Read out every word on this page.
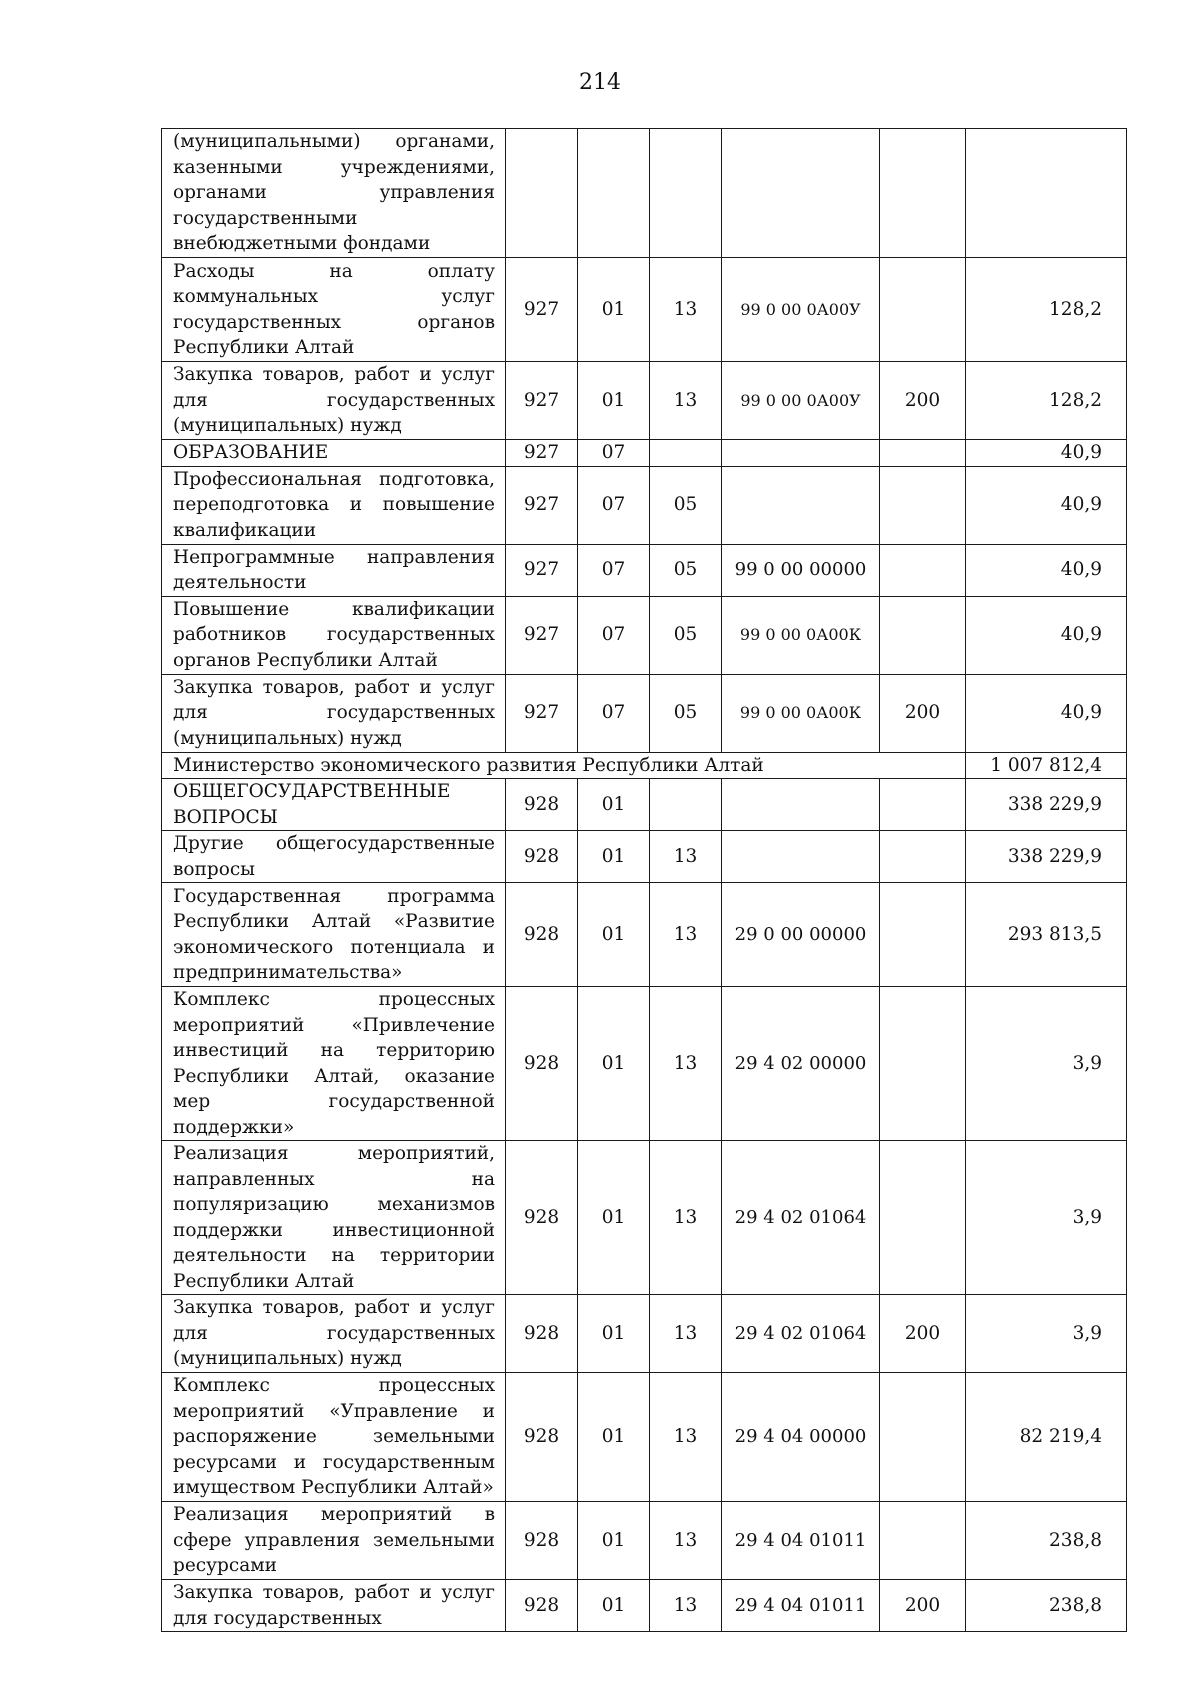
214
(муниципальными) органами, казенными учреждениями, органами управления государственными внебюджетными фондами						
Расходы на оплату коммунальных услуг государственных органов Республики Алтай	927	01	13	99 0 00 0А00У		128,2
Закупка товаров, работ и услуг для государственных (муниципальных) нужд	927	01	13	99 0 00 0А00У	200	128,2
ОБРАЗОВАНИЕ	927	07				40,9
Профессиональная подготовка, переподготовка и повышение квалификации	927	07	05			40,9
Непрограммные направления деятельности	927	07	05	99 0 00 00000		40,9
Повышение квалификации работников государственных органов Республики Алтай	927	07	05	99 0 00 0А00К		40,9
Закупка товаров, работ и услуг для государственных (муниципальных) нужд	927	07	05	99 0 00 0А00К	200	40,9
Министерство экономического развития Республики Алтай						1 007 812,4
ОБЩЕГОСУДАРСТВЕННЫЕ ВОПРОСЫ	928	01				338 229,9
Другие общегосударственные вопросы	928	01	13			338 229,9
Государственная программа Республики Алтай «Развитие экономического потенциала и предпринимательства»	928	01	13	29 0 00 00000		293 813,5
Комплекс процессных мероприятий «Привлечение инвестиций на территорию Республики Алтай, оказание мер государственной поддержки»	928	01	13	29 4 02 00000		3,9
Реализация мероприятий, направленных на популяризацию механизмов поддержки инвестиционной деятельности на территории Республики Алтай	928	01	13	29 4 02 01064		3,9
Закупка товаров, работ и услуг для государственных (муниципальных) нужд	928	01	13	29 4 02 01064	200	3,9
Комплекс процессных мероприятий «Управление и распоряжение земельными ресурсами и государственным имуществом Республики Алтай»	928	01	13	29 4 04 00000		82 219,4
Реализация мероприятий в сфере управления земельными ресурсами	928	01	13	29 4 04 01011		238,8
Закупка товаров, работ и услуг для государственных	928	01	13	29 4 04 01011	200	238,8
